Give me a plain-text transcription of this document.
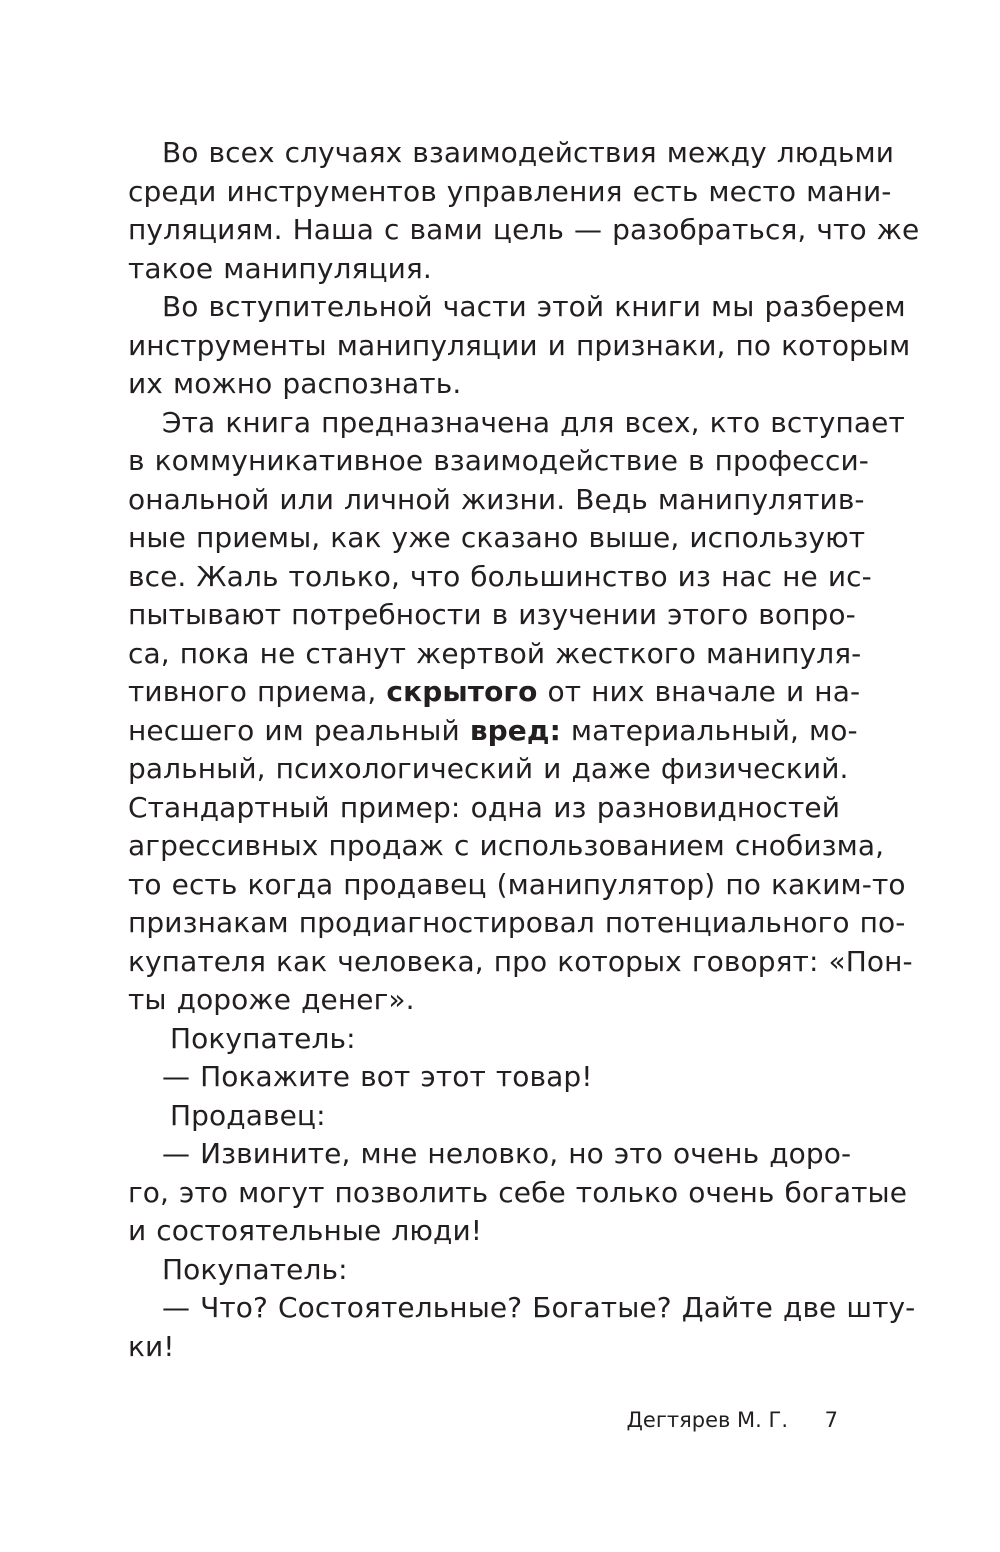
Во всех случаях взаимодействия между людьми
среди инструментов управления есть место мани-
пуляциям. Наша с вами цель — разобраться, что же
такое манипуляция.
Во вступительной части этой книги мы разберем
инструменты манипуляции и признаки, по которым
их можно распознать.
Эта книга предназначена для всех, кто вступает
в коммуникативное взаимодействие в професси-
ональной или личной жизни. Ведь манипулятив-
ные приемы, как уже сказано выше, используют
все. Жаль только, что большинство из нас не ис-
пытывают потребности в изучении этого вопро-
са, пока не станут жертвой жесткого манипуля-
тивного приема, скрытого от них вначале и на-
несшего им реальный вред: материальный, мо-
ральный, психологический и даже физический.
Стандартный пример: одна из разновидностей
агрессивных продаж с использованием снобизма,
то есть когда продавец (манипулятор) по каким-то
признакам продиагностировал потенциального по-
купателя как человека, про которых говорят: «Пон-
ты дороже денег».
Покупатель:
— Покажите вот этот товар!
Продавец:
— Извините, мне неловко, но это очень доро-
го, это могут позволить себе только очень богатые
и состоятельные люди!
Покупатель:
— Что? Состоятельные? Богатые? Дайте две шту-
ки!
Дегтярев М. Г. 7
